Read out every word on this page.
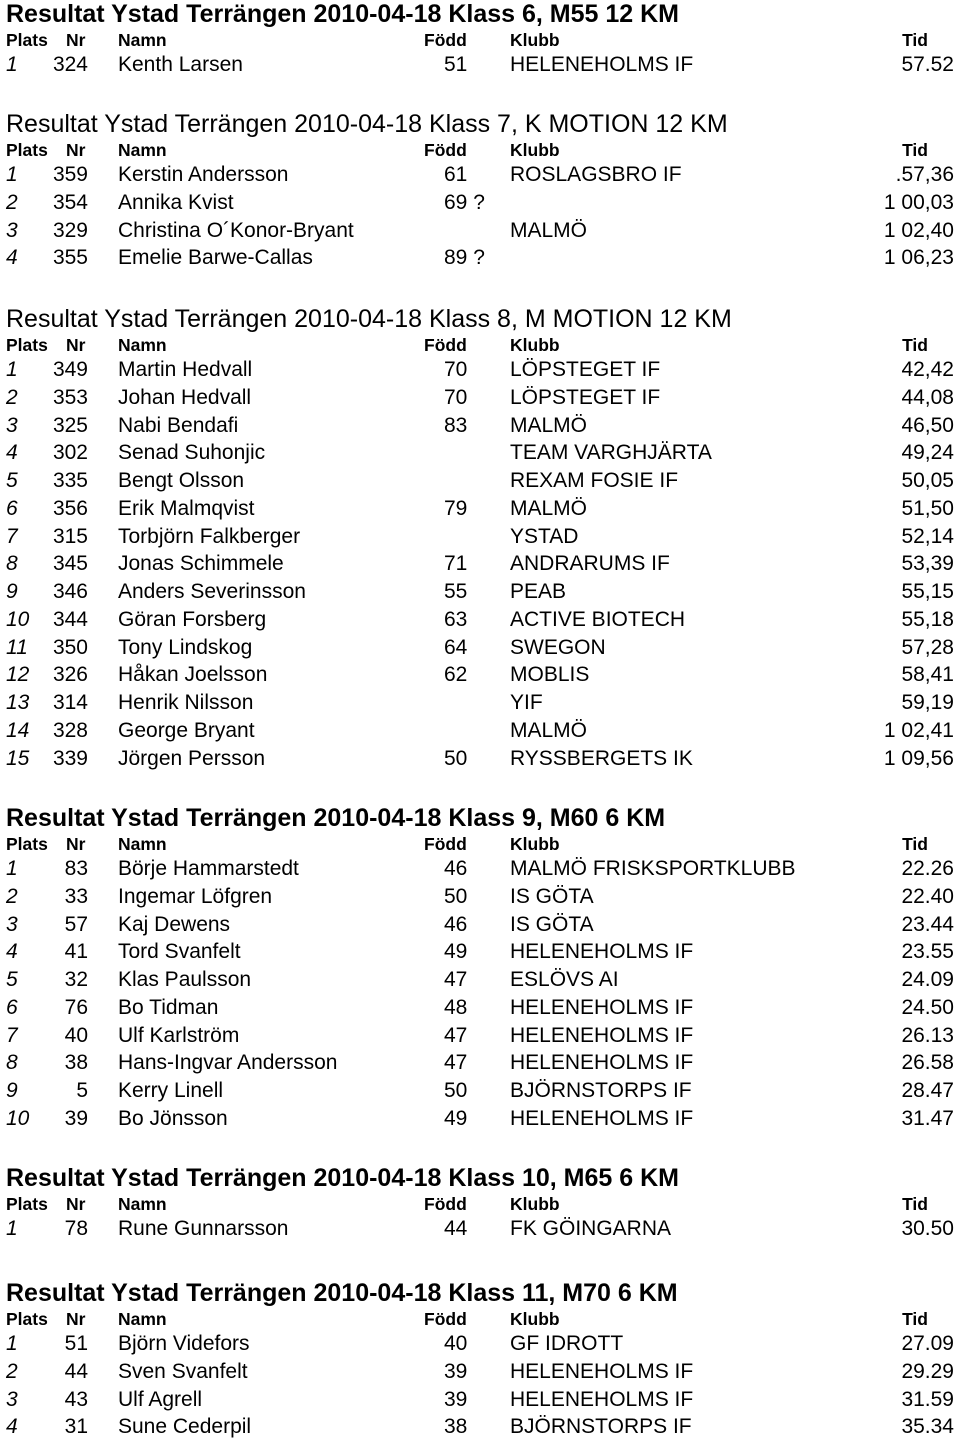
Resultat Ystad Terrängen 2010-04-18 Klass 6, M55 12 KM
Plats Nr Namn	Född Klubb	Tid
1 324 Kenth Larsen	51 HELENEHOLMS IF	57.52
Resultat Ystad Terrängen 2010-04-18 Klass 7, K MOTION 12 KM
Plats Nr Namn	Född Klubb	Tid
1 359 Kerstin Andersson	61 ROSLAGSBRO IF	.57,36
2 354 Annika Kvist	69 ?	1 00,03
3 329 Christina O´Konor-Bryant	MALMÖ	1 02,40
4 355 Emelie Barwe-Callas	89 ?	1 06,23
Resultat Ystad Terrängen 2010-04-18 Klass 8, M MOTION 12 KM
Plats Nr Namn	Född Klubb	Tid
1 349 Martin Hedvall	70 LÖPSTEGET IF	42,42
2 353 Johan Hedvall	70 LÖPSTEGET IF	44,08
3 325 Nabi Bendafi	83 MALMÖ	46,50
4 302 Senad Suhonjic	TEAM VARGHJÄRTA	49,24
5 335 Bengt Olsson	REXAM FOSIE IF	50,05
6 356 Erik Malmqvist	79 MALMÖ	51,50
7 315 Torbjörn Falkberger	YSTAD	52,14
8 345 Jonas Schimmele	71 ANDRARUMS IF	53,39
9 346 Anders Severinsson	55 PEAB	55,15
10 344 Göran Forsberg	63 ACTIVE BIOTECH	55,18
11 350 Tony Lindskog	64 SWEGON	57,28
12 326 Håkan Joelsson	62 MOBLIS	58,41
13 314 Henrik Nilsson	YIF	59,19
14 328 George Bryant	MALMÖ	1 02,41
15 339 Jörgen Persson	50 RYSSBERGETS IK	1 09,56
Resultat Ystad Terrängen 2010-04-18 Klass 9, M60 6 KM
Plats Nr Namn	Född Klubb	Tid
1	83 Börje Hammarstedt	46 MALMÖ FRISKSPORTKLUBB	22.26
2	33 Ingemar Löfgren	50 IS GÖTA	22.40
3	57 Kaj Dewens	46 IS GÖTA	23.44
4	41 Tord Svanfelt	49 HELENEHOLMS IF	23.55
5	32 Klas Paulsson	47 ESLÖVS AI	24.09
6	76 Bo Tidman	48 HELENEHOLMS IF	24.50
7	40 Ulf Karlström	47 HELENEHOLMS IF	26.13
8	38 Hans-Ingvar Andersson	47 HELENEHOLMS IF	26.58
9	5 Kerry Linell	50 BJÖRNSTORPS IF	28.47
10	39 Bo Jönsson	49 HELENEHOLMS IF	31.47
Resultat Ystad Terrängen 2010-04-18 Klass 10, M65 6 KM
Plats Nr Namn	Född Klubb	Tid
1	78 Rune Gunnarsson	44 FK GÖINGARNA	30.50
Resultat Ystad Terrängen 2010-04-18 Klass 11, M70 6 KM
Plats Nr Namn	Född Klubb	Tid
1	51 Björn Videfors	40 GF IDROTT	27.09
2	44 Sven Svanfelt	39 HELENEHOLMS IF	29.29
3	43 Ulf Agrell	39 HELENEHOLMS IF	31.59
4	31 Sune Cederpil	38 BJÖRNSTORPS IF	35.34
